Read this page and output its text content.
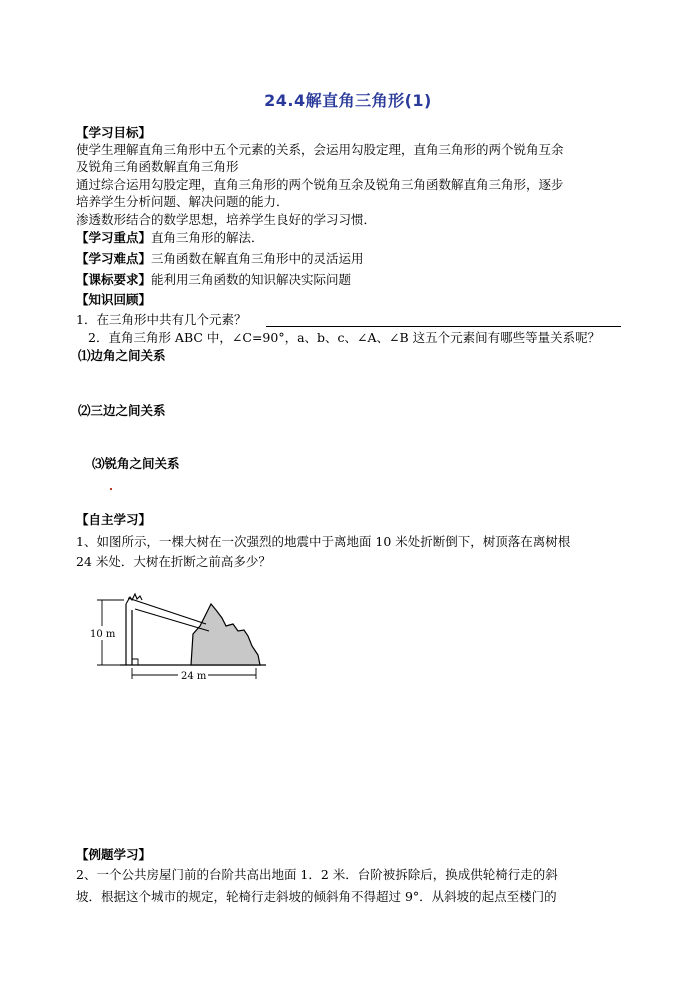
24.4解直角三角形(1)
【学习目标】
使学生理解直角三角形中五个元素的关系，会运用勾股定理，直角三角形的两个锐角互余
及锐角三角函数解直角三角形
通过综合运用勾股定理，直角三角形的两个锐角互余及锐角三角函数解直角三角形，逐步
培养学生分析问题、解决问题的能力．
渗透数形结合的数学思想，培养学生良好的学习习惯．
【学习重点】直角三角形的解法．
【学习难点】三角函数在解直角三角形中的灵活运用
【课标要求】能利用三角函数的知识解决实际问题
【知识回顾】
1．在三角形中共有几个元素？
2．直角三角形 ABC 中，∠C=90°，a、b、c、∠A、∠B 这五个元素间有哪些等量关系呢？
⑴边角之间关系
⑵三边之间关系
⑶锐角之间关系
【自主学习】
1、如图所示，一棵大树在一次强烈的地震中于离地面 10 米处折断倒下，树顶落在离树根
24 米处．大树在折断之前高多少？
10 m
24 m
【例题学习】
2、一个公共房屋门前的台阶共高出地面 1．2 米．台阶被拆除后，换成供轮椅行走的斜
坡．根据这个城市的规定，轮椅行走斜坡的倾斜角不得超过 9°．从斜坡的起点至楼门的
